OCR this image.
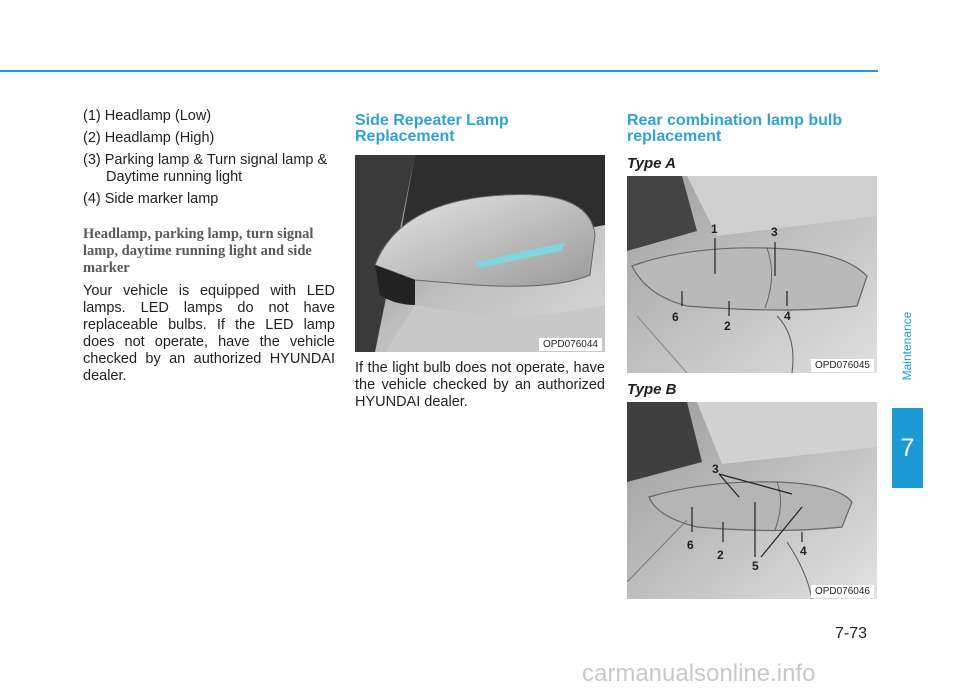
(1) Headlamp (Low)

(2) Headlamp (High)

(3) Parking lamp & Turn signal lamp & Daytime running light

(4) Side marker lamp

Headlamp, parking lamp, turn signal lamp, daytime running light and side marker

Your vehicle is equipped with LED lamps. LED lamps do not have replaceable bulbs. If the LED lamp does not operate, have the vehicle checked by an authorized HYUNDAI dealer.

Side Repeater Lamp Replacement
OPD076044

If the light bulb does not operate, have the vehicle checked by an authorized HYUNDAI dealer.

Rear combination lamp bulb replacement

Type A

1	3
6
2
4
OPD076045

Type B

3
6
2	4
5
OPD076046
Maintenance
7
7-73
carmanualsonline.info
